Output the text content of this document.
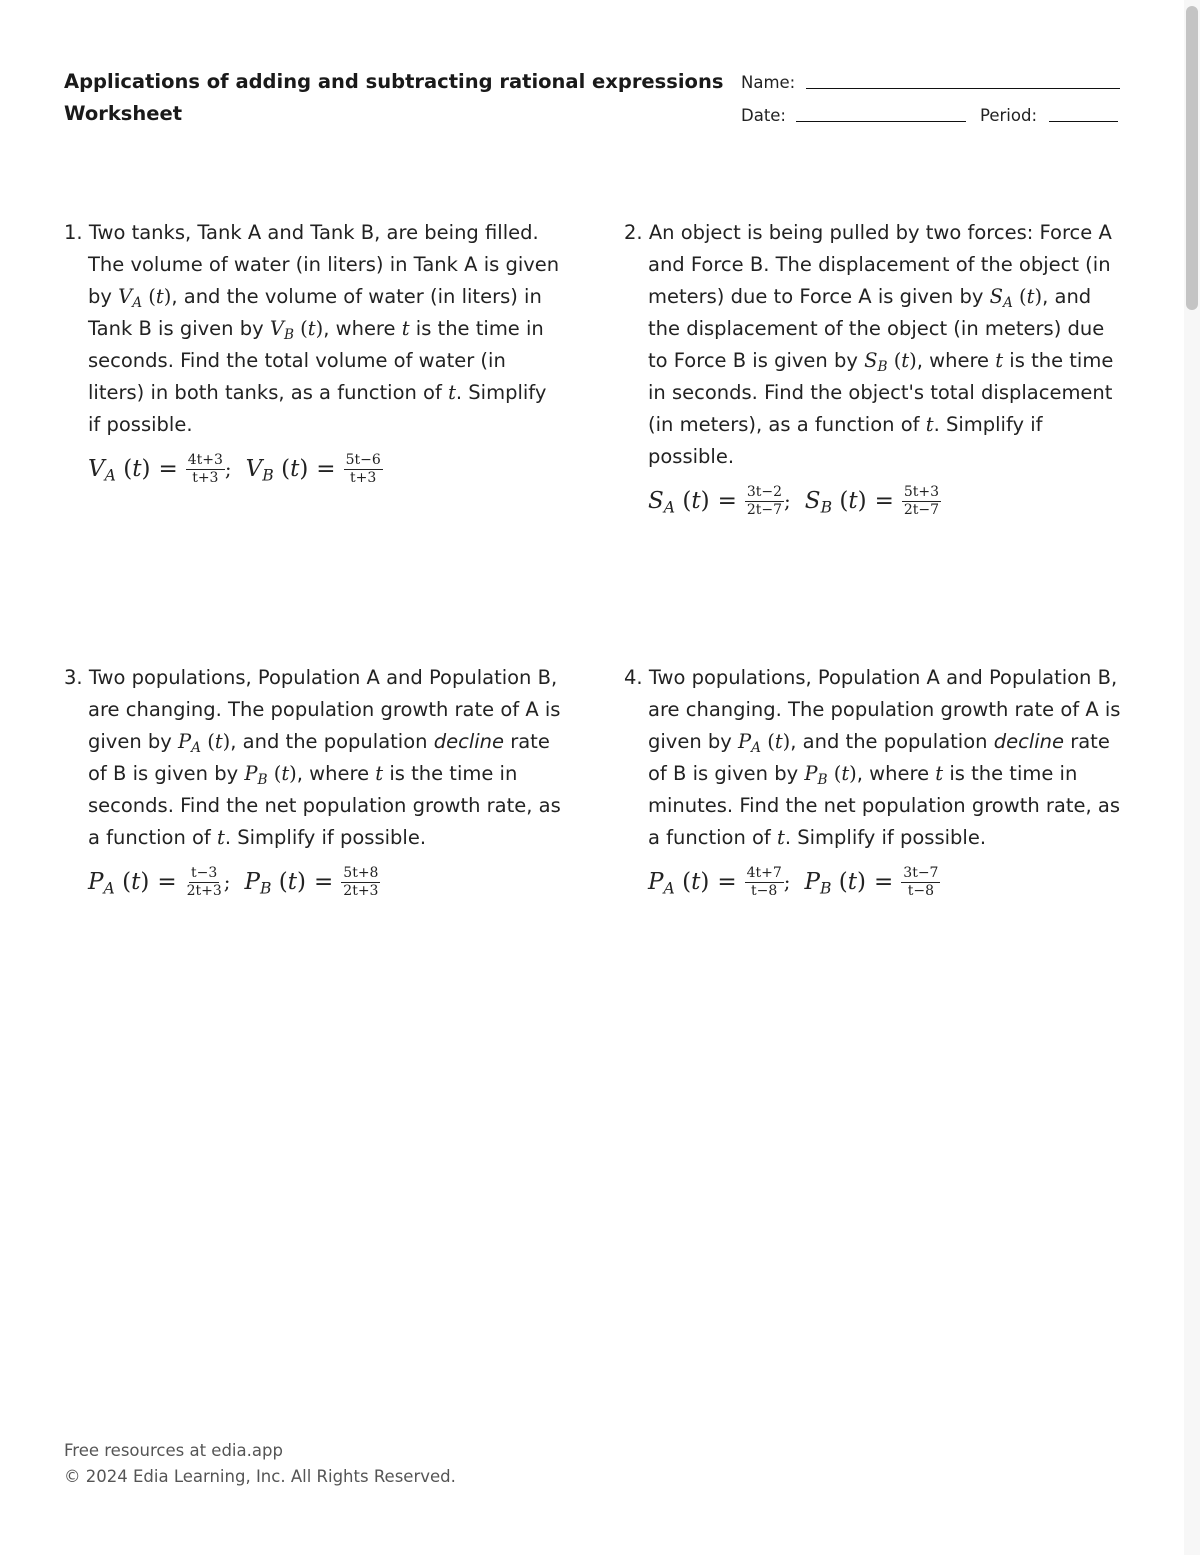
Applications of adding and subtracting rational expressions
Worksheet
Name:
Date:	Period:
1. Two tanks, Tank A and Tank B, are being filled. The volume of water (in liters) in Tank A is given by $V_A$ (t), and the volume of water (in liters) in Tank B is given by $V_B$ (t), where t is the time in seconds. Find the total volume of water (in liters) in both tanks, as a function of t. Simplify if possible.
$V_A$ $(t) = \frac{4t+3}{t+3}$ ; $V_B$ $(t) = \frac{5t-6}{t+3}$
2. An object is being pulled by two forces: Force A and Force B. The displacement of the object (in meters) due to Force A is given by $S_A$ (t), and the displacement of the object (in meters) due to Force B is given by $S_B$ (t), where t is the time in seconds. Find the object's total displacement (in meters), as a function of t. Simplify if possible.
$S_A$ $(t) = \frac{3t-2}{2t-7}$ ; $S_B$ $(t) = \frac{5t+3}{2t-7}$
3. Two populations, Population A and Population B, are changing. The population growth rate of A is given by $P_A$ (t), and the population decline rate of B is given by $P_B$ (t), where t is the time in seconds. Find the net population growth rate, as a function of t. Simplify if possible.
$P_A$ $(t) = \frac{t-3}{2t+3}$ ; $P_B$ $(t) = \frac{5t+8}{2t+3}$
4. Two populations, Population A and Population B, are changing. The population growth rate of A is given by $P_A$ (t), and the population decline rate of B is given by $P_B$ (t), where t is the time in minutes. Find the net population growth rate, as a function of t. Simplify if possible.
$P_A$ $(t) = \frac{4t+7}{t-8}$ ; $P_B$ $(t) = \frac{3t-7}{t-8}$
Free resources at edia.app
© 2024 Edia Learning, Inc. All Rights Reserved.
